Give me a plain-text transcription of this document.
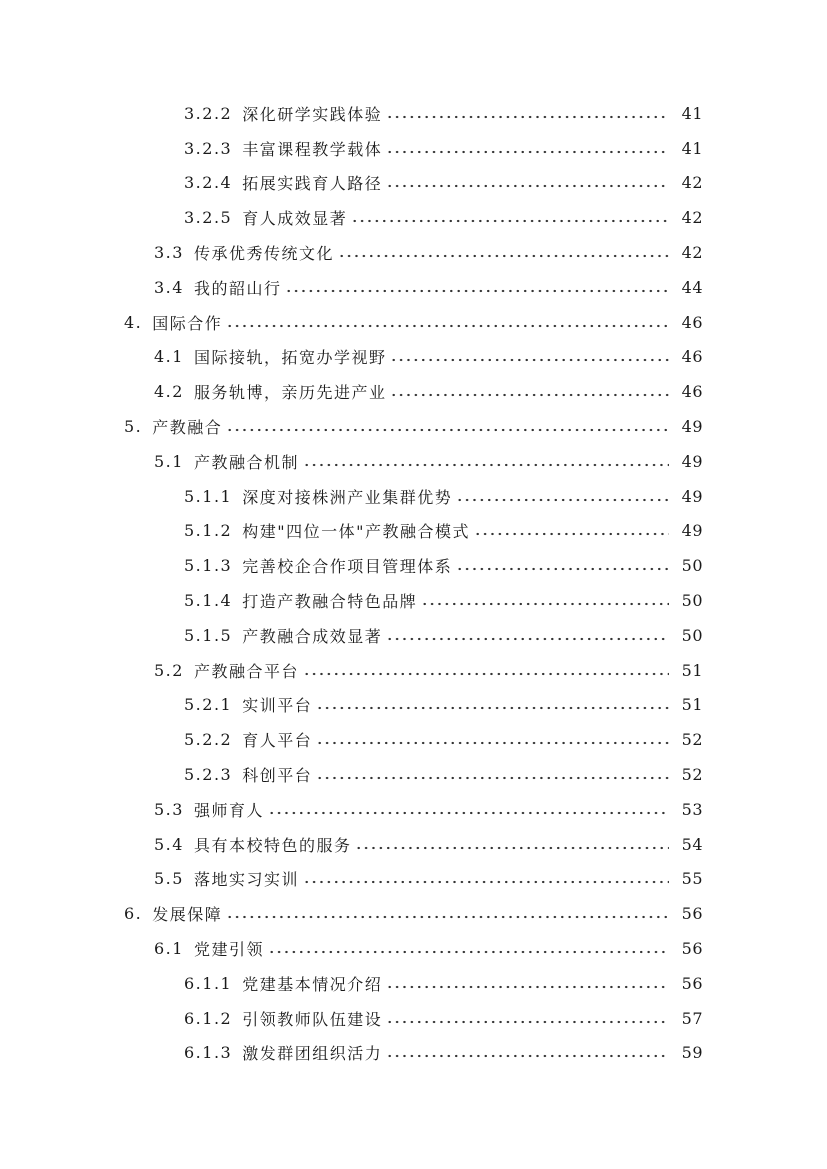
3.2.2 深化研学实践体验	41
3.2.3 丰富课程教学载体	41
3.2.4 拓展实践育人路径	42
3.2.5 育人成效显著	42
3.3 传承优秀传统文化	42
3.4 我的韶山行	44
4. 国际合作	46
4.1 国际接轨，拓宽办学视野	46
4.2 服务轨博，亲历先进产业	46
5. 产教融合	49
5.1 产教融合机制	49
5.1.1 深度对接株洲产业集群优势	49
5.1.2 构建"四位一体"产教融合模式	49
5.1.3 完善校企合作项目管理体系	50
5.1.4 打造产教融合特色品牌	50
5.1.5 产教融合成效显著	50
5.2 产教融合平台	51
5.2.1 实训平台	51
5.2.2 育人平台	52
5.2.3 科创平台	52
5.3 强师育人	53
5.4 具有本校特色的服务	54
5.5 落地实习实训	55
6. 发展保障	56
6.1 党建引领	56
6.1.1 党建基本情况介绍	56
6.1.2 引领教师队伍建设	57
6.1.3 激发群团组织活力	59
